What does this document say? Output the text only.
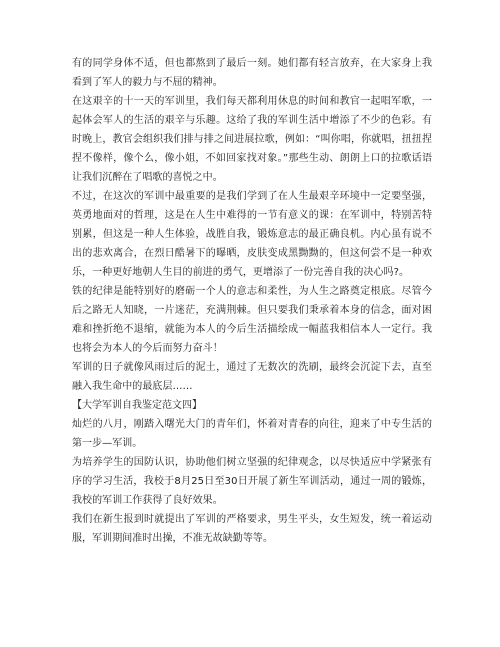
有的同学身体不适，但也都熬到了最后一刻。她们都有轻言放弃，在大家身上我看到了军人的毅力与不屈的精神。

在这艰辛的十一天的军训里，我们每天都利用休息的时间和教官一起唱军歌，一起体会军人的生活的艰辛与乐趣。这给了我的军训生活中增添了不少的色彩。有时晚上，教官会组织我们排与排之间进展拉歌，例如：“叫你唱，你就唱，扭扭捏捏不像样，像个么，像小姐，不如回家找对象。”那些生动、朗朗上口的拉歌话语让我们沉醉在了唱歌的喜悦之中。

不过，在这次的军训中最重要的是我们学到了在人生最艰辛环境中一定要坚强，英勇地面对的哲理，这是在人生中难得的一节有意义的课：在军训中，特别苦特别累，但这是一种人生体验，战胜自我，锻炼意志的最正确良机。内心虽有说不出的悲欢离合，在烈日酷暑下的曝晒，皮肤变成黑黝黝的，但这何尝不是一种欢乐，一种更好地朝人生目的前进的勇气，更增添了一份完善自我的决心吗?。

铁的纪律是能特别好的磨砺一个人的意志和柔性，为人生之路奠定根底。尽管今后之路无人知晓，一片迷茫，充满荆棘。但只要我们秉承着本身的信念，面对困难和挫折绝不退缩，就能为本人的今后生活描绘成一幅蓝我相信本人一定行。我也将会为本人的今后而努力奋斗！

军训的日子就像风雨过后的泥土，通过了无数次的洗刷，最终会沉淀下去，直至融入我生命中的最底层……

【大学军训自我鉴定范文四】

灿烂的八月，刚踏入曙光大门的青年们，怀着对青春的向往，迎来了中专生活的第一步—军训。

为培养学生的国防认识，协助他们树立坚强的纪律观念，以尽快适应中学紧张有序的学习生活，我校于8月25日至30日开展了新生军训活动，通过一周的锻炼，我校的军训工作获得了良好效果。

我们在新生报到时就提出了军训的严格要求，男生平头，女生短发，统一着运动服，军训期间准时出操，不准无故缺勤等等。
